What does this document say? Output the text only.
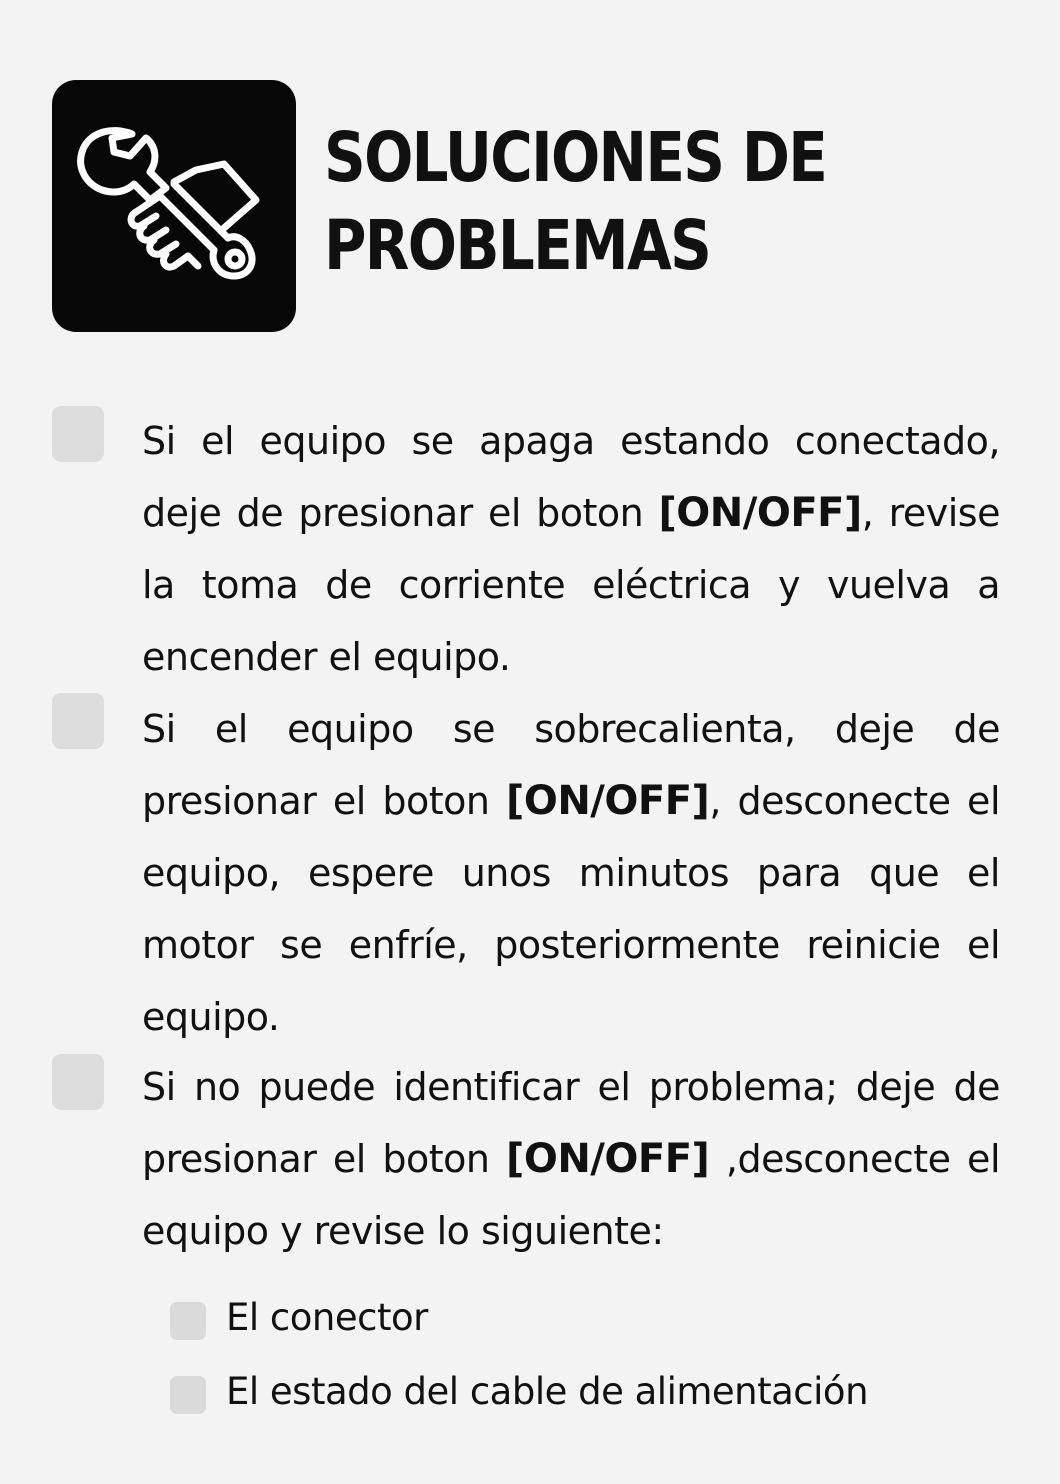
SOLUCIONES DE
PROBLEMAS

Si el equipo se apaga estando conectado, deje de presionar el boton [ON/OFF], revise la toma de corriente eléctrica y vuelva a encender el equipo.

Si el equipo se sobrecalienta, deje de presionar el boton [ON/OFF], desconecte el equipo, espere unos minutos para que el motor se enfríe, posteriormente reinicie el equipo.

Si no puede identificar el problema; deje de presionar el boton [ON/OFF] ,desconecte el equipo y revise lo siguiente:

El conector
El estado del cable de alimentación
